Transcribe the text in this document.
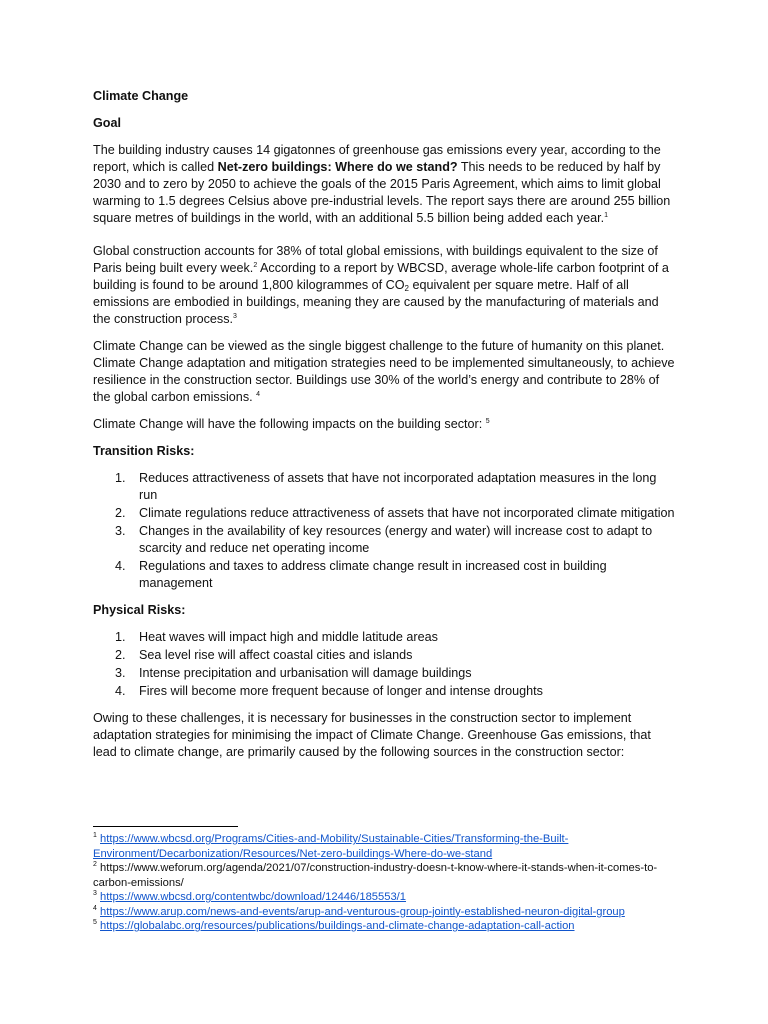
Climate Change

Goal

The building industry causes 14 gigatonnes of greenhouse gas emissions every year, according to the report, which is called Net-zero buildings: Where do we stand? This needs to be reduced by half by 2030 and to zero by 2050 to achieve the goals of the 2015 Paris Agreement, which aims to limit global warming to 1.5 degrees Celsius above pre-industrial levels. The report says there are around 255 billion square metres of buildings in the world, with an additional 5.5 billion being added each year.$^1$

Global construction accounts for 38% of total global emissions, with buildings equivalent to the size of Paris being built every week.$^2$ According to a report by WBCSD, average whole-life carbon footprint of a building is found to be around 1,800 kilogrammes of $CO_2$ equivalent per square metre. Half of all emissions are embodied in buildings, meaning they are caused by the manufacturing of materials and the construction process.$^3$

Climate Change can be viewed as the single biggest challenge to the future of humanity on this planet. Climate Change adaptation and mitigation strategies need to be implemented simultaneously, to achieve resilience in the construction sector. Buildings use 30% of the world’s energy and contribute to 28% of the global carbon emissions. $^4$

Climate Change will have the following impacts on the building sector: $^5$

Transition Risks:

1. Reduces attractiveness of assets that have not incorporated adaptation measures in the long run
2. Climate regulations reduce attractiveness of assets that have not incorporated climate mitigation
3. Changes in the availability of key resources (energy and water) will increase cost to adapt to scarcity and reduce net operating income
4. Regulations and taxes to address climate change result in increased cost in building management

Physical Risks:

1. Heat waves will impact high and middle latitude areas
2. Sea level rise will affect coastal cities and islands
3. Intense precipitation and urbanisation will damage buildings
4. Fires will become more frequent because of longer and intense droughts

Owing to these challenges, it is necessary for businesses in the construction sector to implement adaptation strategies for minimising the impact of Climate Change. Greenhouse Gas emissions, that lead to climate change, are primarily caused by the following sources in the construction sector:

$^1$ https://www.wbcsd.org/Programs/Cities-and-Mobility/Sustainable-Cities/Transforming-the-Built-Environment/Decarbonization/Resources/Net-zero-buildings-Where-do-we-stand

$^2$ https://www.weforum.org/agenda/2021/07/construction-industry-doesn-t-know-where-it-stands-when-it-comes-to-carbon-emissions/

$^3$ https://www.wbcsd.org/contentwbc/download/12446/185553/1

$^4$ https://www.arup.com/news-and-events/arup-and-venturous-group-jointly-established-neuron-digital-group

$^5$ https://globalabc.org/resources/publications/buildings-and-climate-change-adaptation-call-action
